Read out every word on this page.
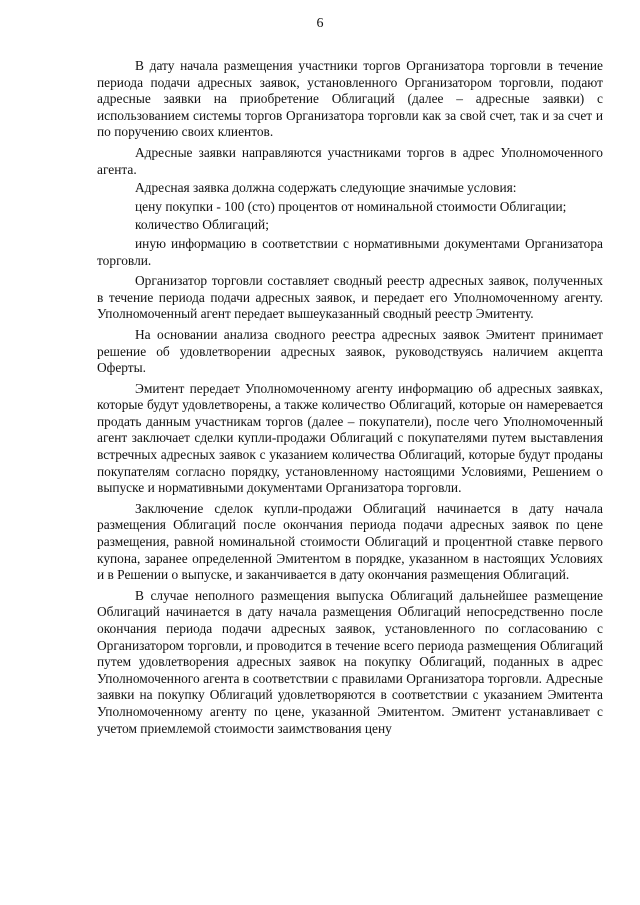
6

В дату начала размещения участники торгов Организатора торговли в течение периода подачи адресных заявок, установленного Организатором торговли, подают адресные заявки на приобретение Облигаций (далее – адресные заявки) с использованием системы торгов Организатора торговли как за свой счет, так и за счет и по поручению своих клиентов.

Адресные заявки направляются участниками торгов в адрес Уполномоченного агента.

Адресная заявка должна содержать следующие значимые условия:

цену покупки - 100 (сто) процентов от номинальной стоимости Облигации;

количество Облигаций;

иную информацию в соответствии с нормативными документами Организатора торговли.

Организатор торговли составляет сводный реестр адресных заявок, полученных в течение периода подачи адресных заявок, и передает его Уполномоченному агенту. Уполномоченный агент передает вышеуказанный сводный реестр Эмитенту.

На основании анализа сводного реестра адресных заявок Эмитент принимает решение об удовлетворении адресных заявок, руководствуясь наличием акцепта Оферты.

Эмитент передает Уполномоченному агенту информацию об адресных заявках, которые будут удовлетворены, а также количество Облигаций, которые он намеревается продать данным участникам торгов (далее – покупатели), после чего Уполномоченный агент заключает сделки купли-продажи Облигаций с покупателями путем выставления встречных адресных заявок с указанием количества Облигаций, которые будут проданы покупателям согласно порядку, установленному настоящими Условиями, Решением о выпуске и нормативными документами Организатора торговли.

Заключение сделок купли-продажи Облигаций начинается в дату начала размещения Облигаций после окончания периода подачи адресных заявок по цене размещения, равной номинальной стоимости Облигаций и процентной ставке первого купона, заранее определенной Эмитентом в порядке, указанном в настоящих Условиях и в Решении о выпуске, и заканчивается в дату окончания размещения Облигаций.

В случае неполного размещения выпуска Облигаций дальнейшее размещение Облигаций начинается в дату начала размещения Облигаций непосредственно после окончания периода подачи адресных заявок, установленного по согласованию с Организатором торговли, и проводится в течение всего периода размещения Облигаций путем удовлетворения адресных заявок на покупку Облигаций, поданных в адрес Уполномоченного агента в соответствии с правилами Организатора торговли. Адресные заявки на покупку Облигаций удовлетворяются в соответствии с указанием Эмитента Уполномоченному агенту по цене, указанной Эмитентом. Эмитент устанавливает с учетом приемлемой стоимости заимствования цену
